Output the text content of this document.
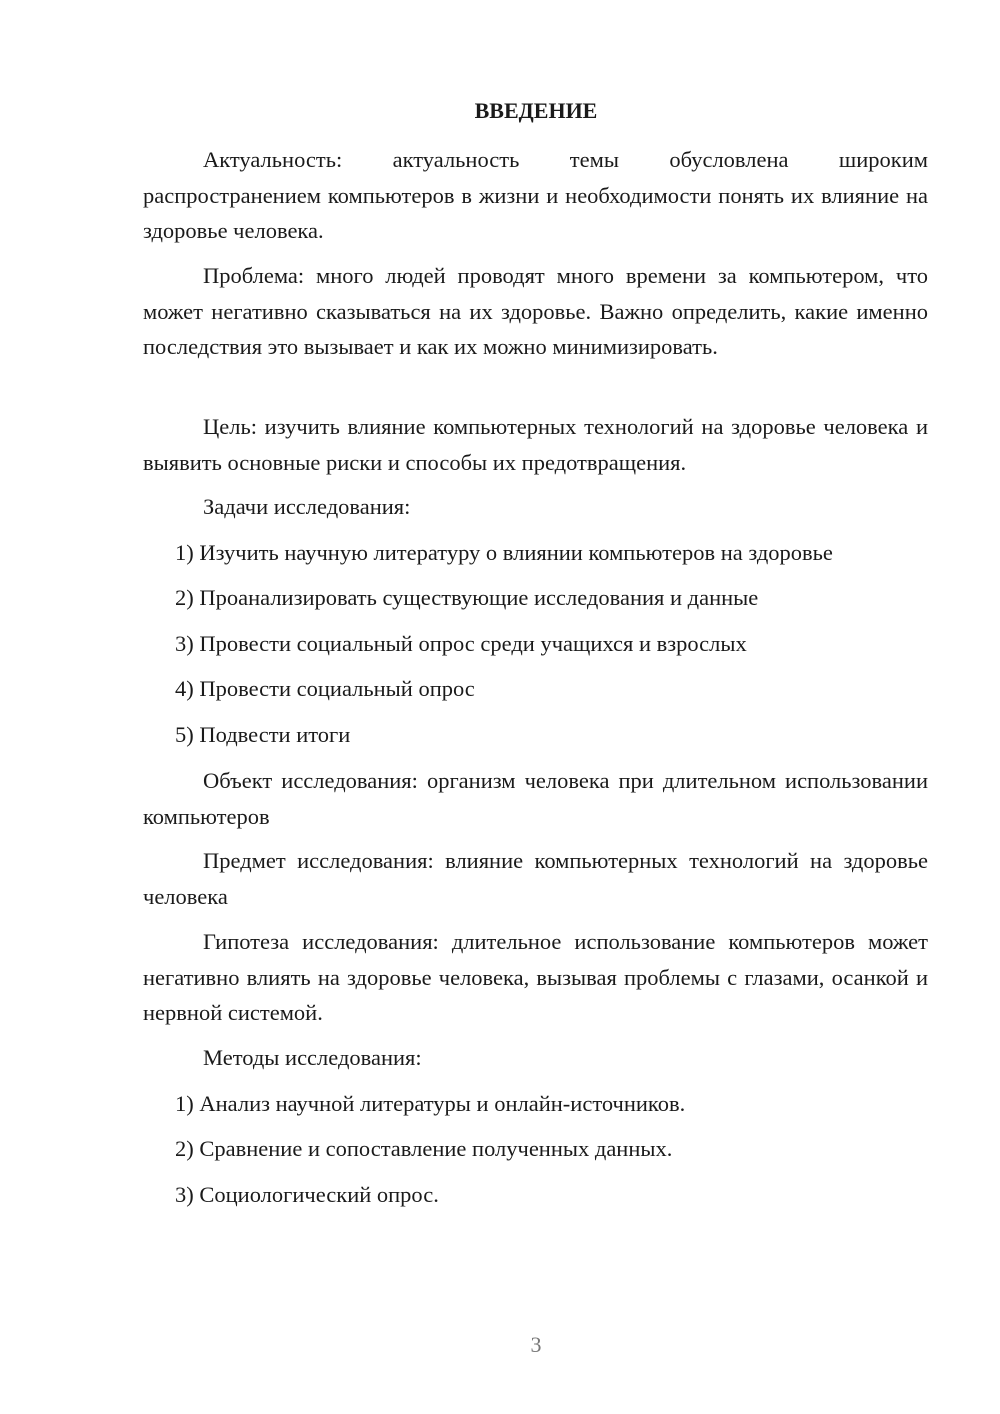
ВВЕДЕНИЕ

Актуальность: актуальность темы обусловлена широким распространением компьютеров в жизни и необходимости понять их влияние на здоровье человека.

Проблема: много людей проводят много времени за компьютером, что может негативно сказываться на их здоровье. Важно определить, какие именно последствия это вызывает и как их можно минимизировать.

Цель: изучить влияние компьютерных технологий на здоровье человека и выявить основные риски и способы их предотвращения.

Задачи исследования:

1) Изучить научную литературу о влиянии компьютеров на здоровье

2) Проанализировать существующие исследования и данные

3) Провести социальный опрос среди учащихся и взрослых

4) Провести социальный опрос

5) Подвести итоги

Объект исследования: организм человека при длительном использовании компьютеров

Предмет исследования: влияние компьютерных технологий на здоровье человека

Гипотеза исследования: длительное использование компьютеров может негативно влиять на здоровье человека, вызывая проблемы с глазами, осанкой и нервной системой.

Методы исследования:

1) Анализ научной литературы и онлайн-источников.

2) Сравнение и сопоставление полученных данных.

3) Социологический опрос.

3
